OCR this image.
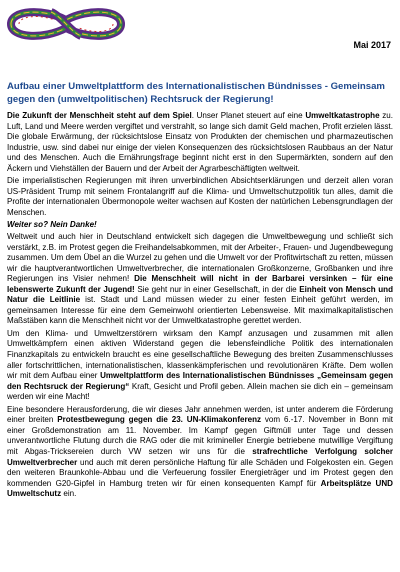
Mai 2017
Aufbau einer Umweltplattform des Internationalistischen Bündnisses - Gemeinsam gegen den (umweltpolitischen) Rechtsruck der Regierung!

Die Zukunft der Menschheit steht auf dem Spiel. Unser Planet steuert auf eine Umweltkatastrophe zu. Luft, Land und Meere werden vergiftet und verstrahlt, so lange sich damit Geld machen, Profit erzielen lässt. Die globale Erwärmung, der rücksichtslose Einsatz von Produkten der chemischen und pharmazeutischen Industrie, usw. sind dabei nur einige der vielen Konsequenzen des rücksichtslosen Raubbaus an der Natur und des Menschen. Auch die Ernährungsfrage beginnt nicht erst in den Supermärkten, sondern auf den Äckern und Viehställen der Bauern und der Arbeit der Agrarbeschäftigten weltweit.

Die imperialistischen Regierungen mit ihren unverbindlichen Absichtserklärungen und derzeit allen voran US-Präsident Trump mit seinem Frontalangriff auf die Klima- und Umweltschutzpolitik tun alles, damit die Profite der internationalen Übermonopole weiter wachsen auf Kosten der natürlichen Lebensgrundlagen der Menschen.

Weiter so? Nein Danke!

Weltweit und auch hier in Deutschland entwickelt sich dagegen die Umweltbewegung und schließt sich verstärkt, z.B. im Protest gegen die Freihandelsabkommen, mit der Arbeiter-, Frauen- und Jugendbewegung zusammen. Um dem Übel an die Wurzel zu gehen und die Umwelt vor der Profitwirtschaft zu retten, müssen wir die hauptverantwortlichen Umweltverbrecher, die internationalen Großkonzerne, Großbanken und ihre Regierungen ins Visier nehmen! Die Menschheit will nicht in der Barbarei versinken – für eine lebenswerte Zukunft der Jugend! Sie geht nur in einer Gesellschaft, in der die Einheit von Mensch und Natur die Leitlinie ist. Stadt und Land müssen wieder zu einer festen Einheit geführt werden, im gemeinsamen Interesse für eine dem Gemeinwohl orientierten Lebensweise. Mit maximalkapitalistischen Maßstäben kann die Menschheit nicht vor der Umweltkatastrophe gerettet werden.

Um den Klima- und Umweltzerstörern wirksam den Kampf anzusagen und zusammen mit allen Umweltkämpfern einen aktiven Widerstand gegen die lebensfeindliche Politik des internationalen Finanzkapitals zu entwickeln braucht es eine gesellschaftliche Bewegung des breiten Zusammenschlusses aller fortschrittlichen, internationalistischen, klassenkämpferischen und revolutionären Kräfte. Dem wollen wir mit dem Aufbau einer Umweltplattform des Internationalistischen Bündnisses „Gemeinsam gegen den Rechtsruck der Regierung“ Kraft, Gesicht und Profil geben. Allein machen sie dich ein – gemeinsam werden wir eine Macht!

Eine besondere Herausforderung, die wir dieses Jahr annehmen werden, ist unter anderem die Förderung einer breiten Protestbewegung gegen die 23. UN-Klimakonferenz vom 6.-17. November in Bonn mit einer Großdemonstration am 11. November. Im Kampf gegen Giftmüll unter Tage und dessen unverantwortliche Flutung durch die RAG oder die mit krimineller Energie betriebene mutwillige Vergiftung mit Abgas-Tricksereien durch VW setzen wir uns für die strafrechtliche Verfolgung solcher Umweltverbrecher und auch mit deren persönliche Haftung für alle Schäden und Folgekosten ein. Gegen den weiteren Braunkohle-Abbau und die Verfeuerung fossiler Energieträger und im Protest gegen den kommenden G20-Gipfel in Hamburg treten wir für einen konsequenten Kampf für Arbeitsplätze UND Umweltschutz ein.
